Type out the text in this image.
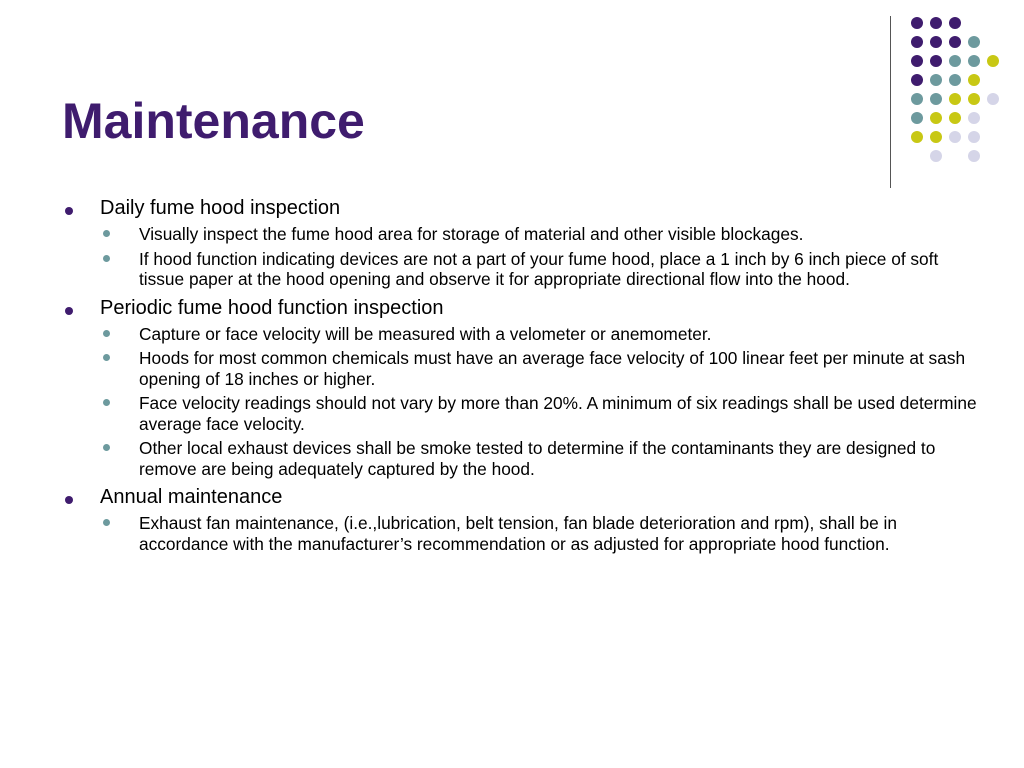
Maintenance
Daily fume hood inspection
Visually inspect the fume hood area for storage of material and other visible blockages.
If hood function indicating devices are not a part of your fume hood, place a 1 inch by 6 inch piece of soft tissue paper at the hood opening and observe it for appropriate directional flow into the hood.
Periodic fume hood function inspection
Capture or face velocity will be measured with a velometer or anemometer.
Hoods for most common chemicals must have an average face velocity of 100 linear feet per minute at sash opening of 18 inches or higher.
Face velocity readings should not vary by more than 20%. A minimum of six readings shall be used determine average face velocity.
Other local exhaust devices shall be smoke tested to determine if the contaminants they are designed to remove are being adequately captured by the hood.
Annual maintenance
Exhaust fan maintenance, (i.e.,lubrication, belt tension, fan blade deterioration and rpm), shall be in accordance with the manufacturer’s recommendation or as adjusted for appropriate hood function.
